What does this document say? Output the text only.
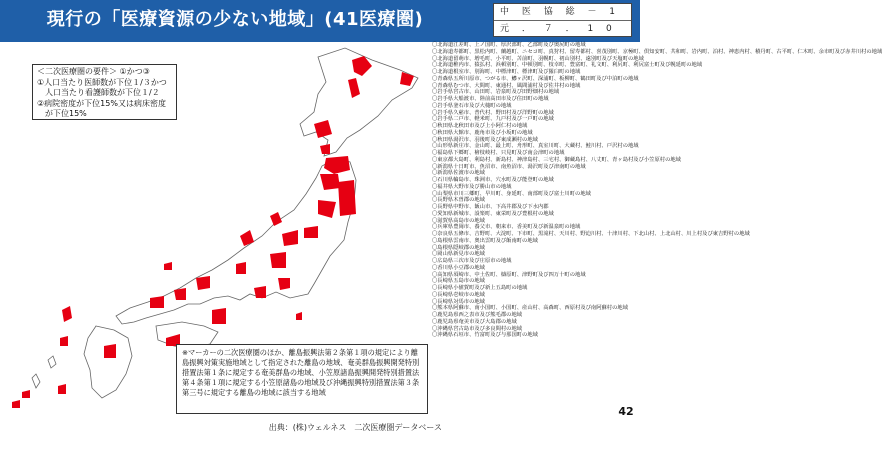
現行の「医療資源の少ない地域」(41医療圏)	中 医 協 総 － 1
元 ． ７ ． 1 0
＜二次医療圏の要件＞ ①かつ③
①人口当たり医師数が下位１/３かつ
　人口当たり看護師数が下位１/２
②病院密度が下位15%又は病床密度
　が下位15%
※マーカーの二次医療圏のほか、離島振興法第２条第１項の規定により離島振興対策実施地域として指定された離島の地域、奄美群島振興開発特別措置法第１条に規定する奄美群島の地域、小笠原諸島振興開発特別措置法第４条第１項に規定する小笠原諸島の地域及び沖縄振興特別措置法第３条第三号に規定する離島の地域に該当する地域
出典：(株)ウェルネス　二次医療圏データベース
〇北海道江差町、上ノ国町、厚沢部町、乙部町及び奥尻町の地域
〇北海道寿都町、黒松内町、蘭越町、ニセコ町、真狩村、留寿都村、喜茂別町、京極町、倶知安町、共和町、岩内町、泊村、神恵内村、積丹町、古平町、仁木町、余市町及び赤井川村の地域
〇北海道留萌市、増毛町、小平町、苫前町、羽幌町、初山別村、遠別町及び天塩町の地域
〇北海道稚内市、猿払村、浜頓別町、中頓別町、枝幸町、豊富町、礼文町、利尻町、利尻富士町及び幌延町の地域
〇北海道根室市、別海町、中標津町、標津町及び羅臼町の地域
〇青森県五所川原市、つがる市、鰺ヶ沢町、深浦町、板柳町、鶴田町及び中泊町の地域
〇青森県むつ市、大間町、東通村、風間浦村及び佐井村の地域
〇岩手県宮古市、山田町、岩泉町及び田野畑村の地域
〇岩手県大船渡市、陸前高田市及び住田町の地域
〇岩手県釜石市及び大槌町の地域
〇岩手県久慈市、普代村、野田村及び洋野町の地域
〇岩手県二戸市、軽米町、九戸村及び一戸町の地域
〇秋田県北秋田市及び上小阿仁村の地域
〇秋田県大館市、鹿角市及び小坂町の地域
〇秋田県湯沢市、羽後町及び東成瀬村の地域
〇山形県新庄市、金山町、最上町、舟形町、真室川町、大蔵村、鮭川村、戸沢村の地域
〇福島県下郷町、檜枝岐村、只見町及び南会津町の地域
〇東京都大島町、利島村、新島村、神津島村、三宅村、御蔵島村、八丈町、青ヶ島村及び小笠原村の地域
〇新潟県十日町市、魚沼市、南魚沼市、湯沢町及び津南町の地域
〇新潟県佐渡市の地域
〇石川県輪島市、珠洲市、穴水町及び能登町の地域
〇福井県大野市及び勝山市の地域
〇山梨県市川三郷町、早川町、身延町、南部町及び富士川町の地域
〇長野県木曽郡の地域
〇長野県中野市、飯山市、下高井郡及び下水内郡
〇愛知県新城市、設楽町、東栄町及び豊根村の地域
〇滋賀県高島市の地域
〇兵庫県豊岡市、養父市、朝来市、香美町及び新温泉町の地域
〇奈良県五條市、吉野町、大淀町、下市町、黒滝村、天川村、野迫川村、十津川村、下北山村、上北山村、川上村及び東吉野村の地域
〇島根県雲南市、奥出雲町及び飯南町の地域
〇島根県隠岐郡の地域
〇岡山県新見市の地域
〇広島県三次市及び庄原市の地域
〇香川県小豆郡の地域
〇高知県須崎市、中土佐町、檮原町、津野町及び四万十町の地域
〇長崎県五島市の地域
〇長崎県小値賀町及び新上五島町の地域
〇長崎県壱岐市の地域
〇長崎県対馬市の地域
〇熊本県阿蘇市、南小国町、小国町、産山村、高森町、西原村及び南阿蘇村の地域
〇鹿児島県西之表市及び熊毛郡の地域
〇鹿児島県奄美市及び大島郡の地域
〇沖縄県宮古島市及び多良間村の地域
〇沖縄県石垣市、竹富町及び与那国町の地域
42
